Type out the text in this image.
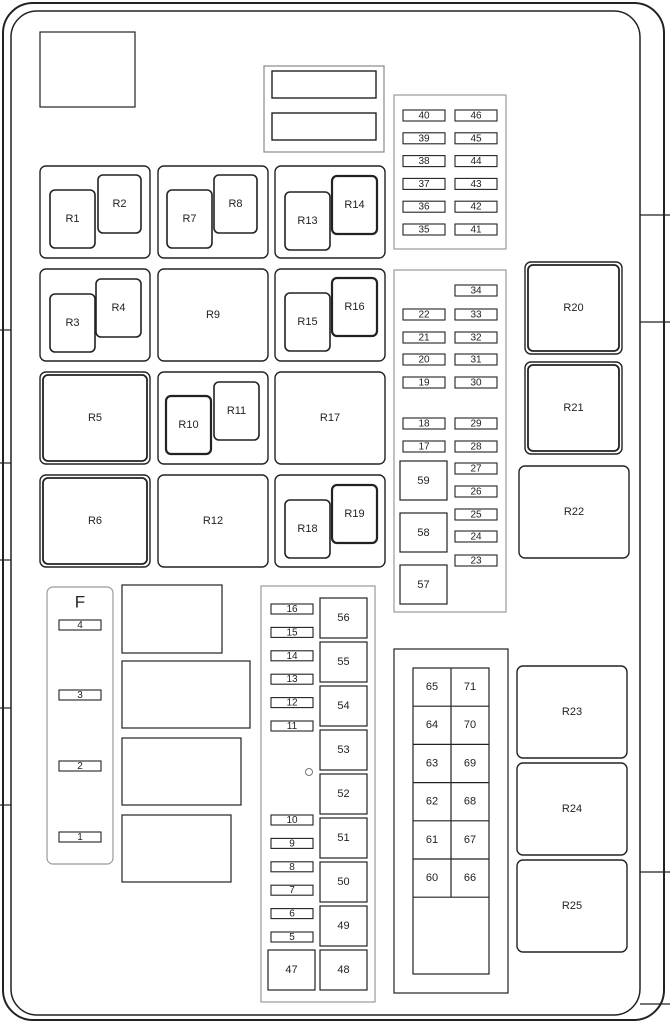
R1
R2
R7
R8
R13
R14
R3
R4
R9
R15
R16
R5
R10
R11
R17
R6	R12
R18
R19
R20
R21
R22
R23
R24
R25
40
39
38
37
36
35
46
45
44
43
42
41
22
21
20
19
18
17
34
33
32
31
30
29
28
27
26
25
24
23
59
58
57
F
4
3
2
1
16
15
14
13
12
11
10
9
8
7
6
5
56
55
54
53
52
51
50
49
48
47
65
64
63
62
61
60
71
70
69
68
67
66
